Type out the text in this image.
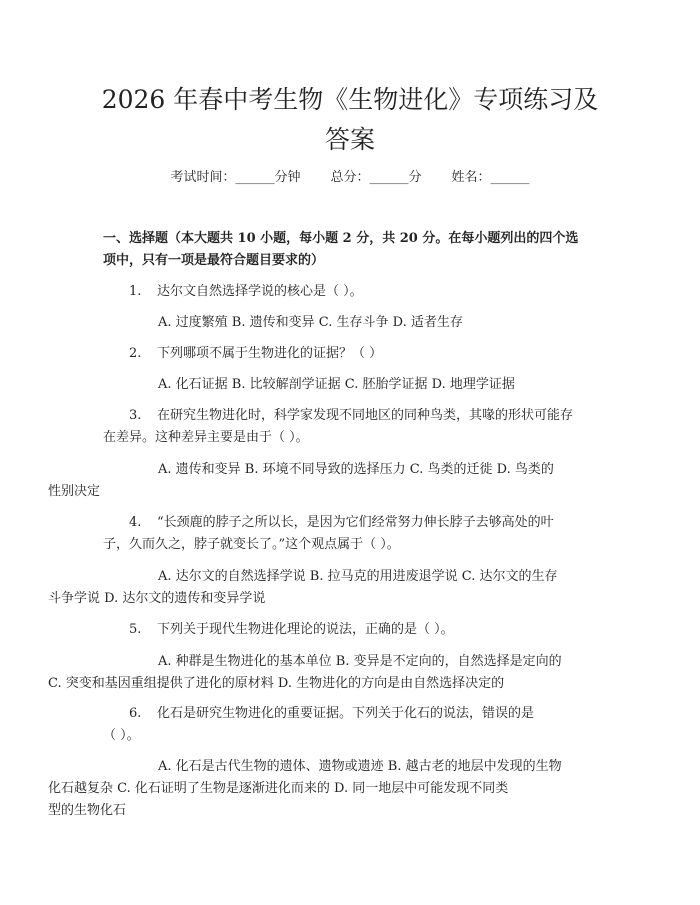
2026 年春中考生物《生物进化》专项练习及
答案
考试时间：______分钟 总分：______分 姓名：______

一、选择题（本大题共 10 小题，每小题 2 分，共 20 分。在每小题列出的四个选
项中，只有一项是最符合题目要求的）

1. 达尔文自然选择学说的核心是（ ）。
A. 过度繁殖 B. 遗传和变异 C. 生存斗争 D. 适者生存
2. 下列哪项不属于生物进化的证据？（ ）
A. 化石证据 B. 比较解剖学证据 C. 胚胎学证据 D. 地理学证据
3. 在研究生物进化时，科学家发现不同地区的同种鸟类，其喙的形状可能存
在差异。这种差异主要是由于（ ）。
A. 遗传和变异 B. 环境不同导致的选择压力 C. 鸟类的迁徙 D. 鸟类的
性别决定
4. “长颈鹿的脖子之所以长，是因为它们经常努力伸长脖子去够高处的叶
子，久而久之，脖子就变长了。”这个观点属于（ ）。
A. 达尔文的自然选择学说 B. 拉马克的用进废退学说 C. 达尔文的生存
斗争学说 D. 达尔文的遗传和变异学说
5. 下列关于现代生物进化理论的说法，正确的是（ ）。
A. 种群是生物进化的基本单位 B. 变异是不定向的，自然选择是定向的
C. 突变和基因重组提供了进化的原材料 D. 生物进化的方向是由自然选择决定的
6. 化石是研究生物进化的重要证据。下列关于化石的说法，错误的是
（ ）。
A. 化石是古代生物的遗体、遗物或遗迹 B. 越古老的地层中发现的生物
化石越复杂 C. 化石证明了生物是逐渐进化而来的 D. 同一地层中可能发现不同类
型的生物化石
